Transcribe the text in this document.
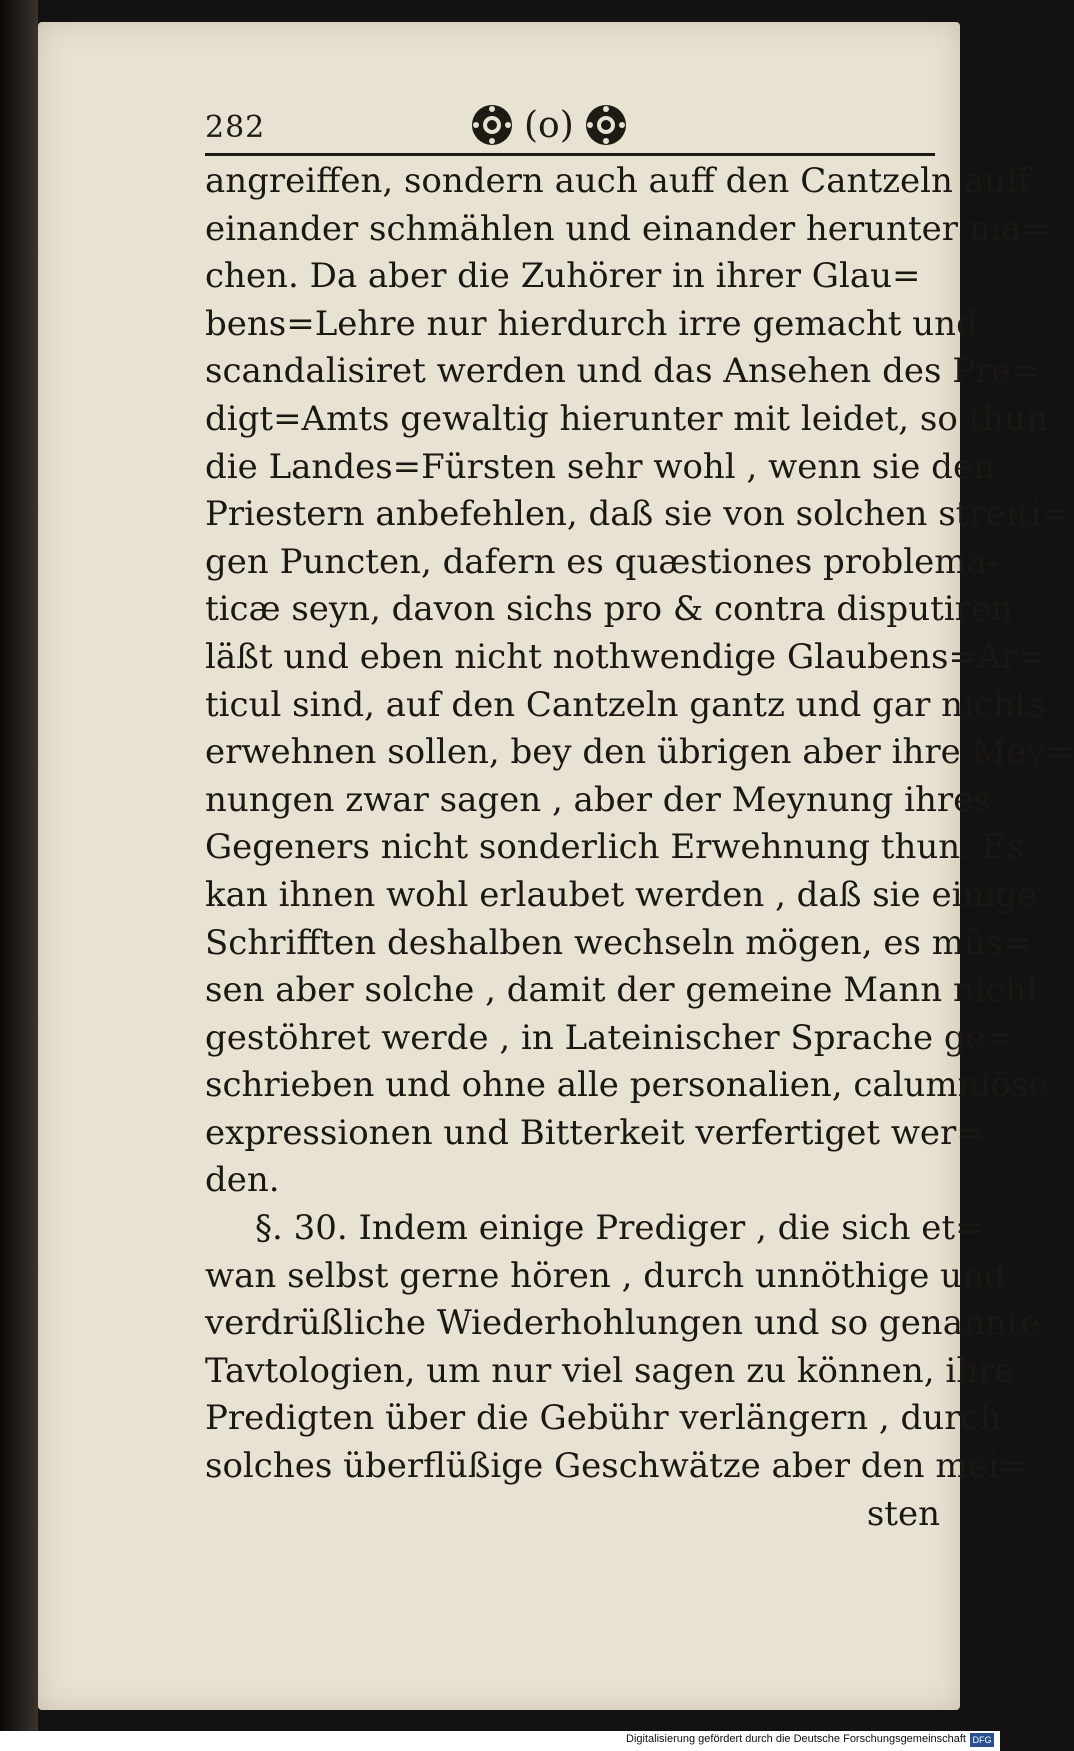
282	(o)
angreiffen, sondern auch auff den Cantzeln auff
einander schmählen und einander herunter ma=
chen. Da aber die Zuhörer in ihrer Glau=
bens=Lehre nur hierdurch irre gemacht und
scandalisiret werden und das Ansehen des Pre=
digt=Amts gewaltig hierunter mit leidet, so thun
die Landes=Fürsten sehr wohl , wenn sie den
Priestern anbefehlen, daß sie von solchen streiti=
gen Puncten, dafern es quæstiones problema-
ticæ seyn, davon sichs pro & contra disputiren
läßt und eben nicht nothwendige Glaubens=Ar=
ticul sind, auf den Cantzeln gantz und gar nichts
erwehnen sollen, bey den übrigen aber ihre Mey=
nungen zwar sagen , aber der Meynung ihres
Gegeners nicht sonderlich Erwehnung thun. Es
kan ihnen wohl erlaubet werden , daß sie einige
Schrifften deshalben wechseln mögen, es müs=
sen aber solche , damit der gemeine Mann nicht
gestöhret werde , in Lateinischer Sprache ge=
schrieben und ohne alle personalien, calumniöse
expressionen und Bitterkeit verfertiget wer=
den.
§. 30. Indem einige Prediger , die sich et=
wan selbst gerne hören , durch unnöthige und
verdrüßliche Wiederhohlungen und so genannte
Tavtologien, um nur viel sagen zu können, ihre
Predigten über die Gebühr verlängern , durch
solches überflüßige Geschwätze aber den mei=
sten
Digitalisierung gefördert durch die Deutsche Forschungsgemeinschaft DFG
